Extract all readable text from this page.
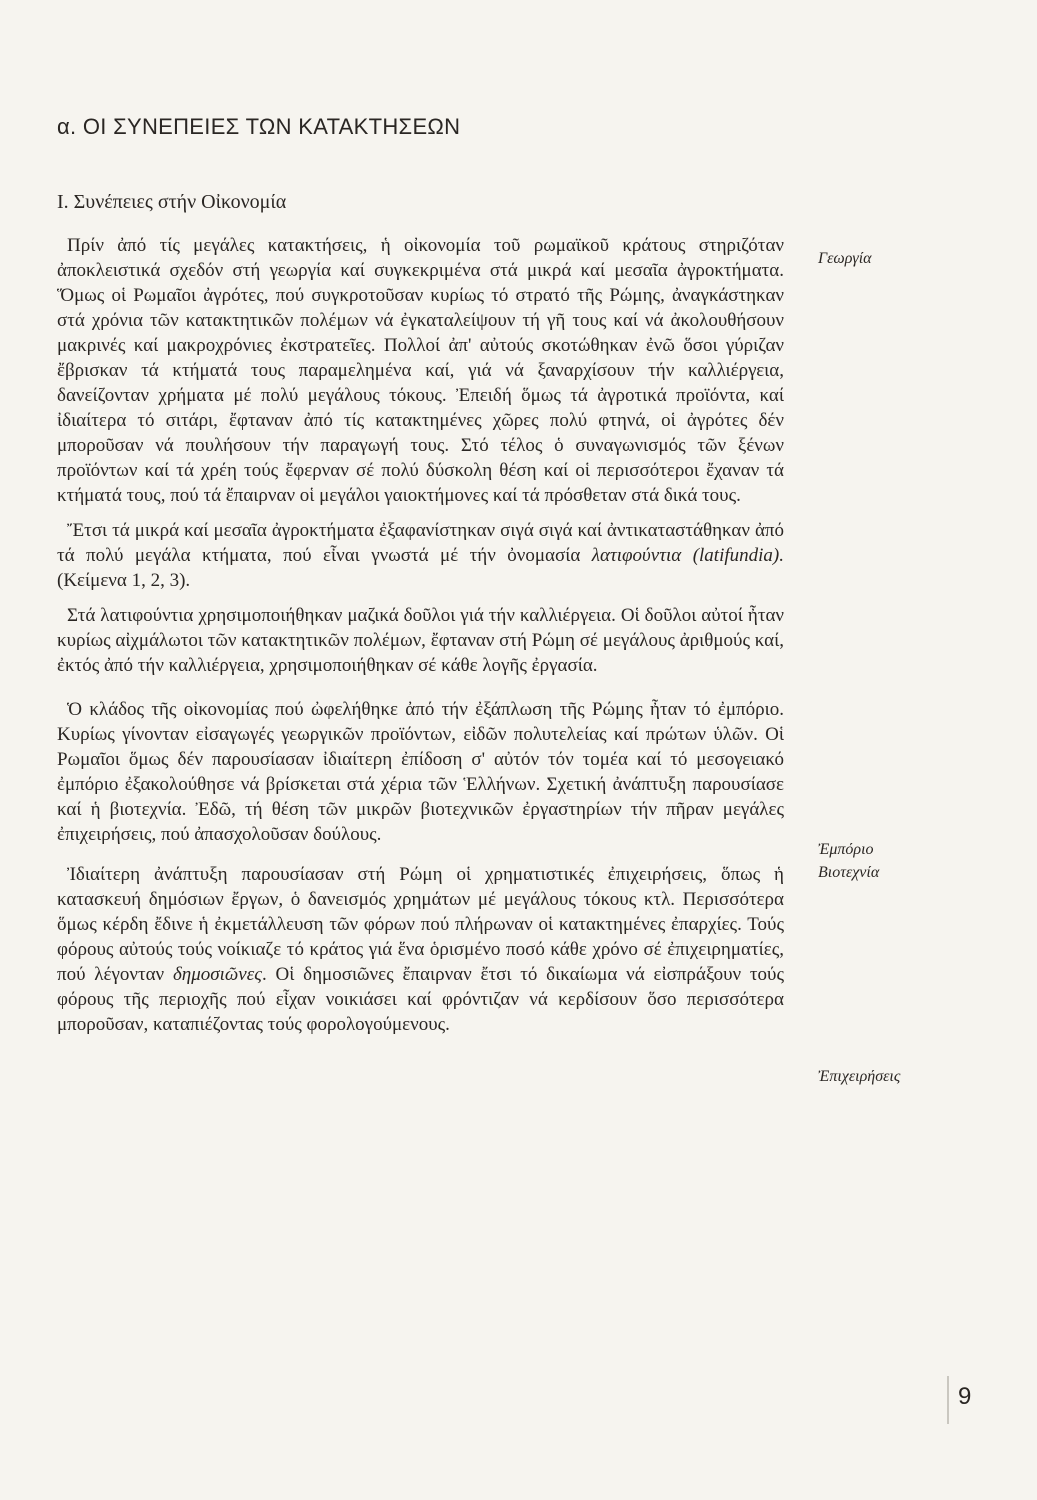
α. ΟΙ ΣΥΝΕΠΕΙΕΣ ΤΩΝ ΚΑΤΑΚΤΗΣΕΩΝ
Ι. Συνέπειες στήν Οἰκονομία

Πρίν ἀπό τίς μεγάλες κατακτήσεις, ἡ οἰκονομία τοῦ ρωμαϊκοῦ κράτους στηριζόταν ἀποκλειστικά σχεδόν στή γεωργία καί συγκεκριμένα στά μικρά καί μεσαῖα ἀγροκτήματα. Ὅμως οἱ Ρωμαῖοι ἀγρότες, πού συγκροτοῦσαν κυρίως τό στρατό τῆς Ρώμης, ἀναγκάστηκαν στά χρόνια τῶν κατακτητικῶν πολέμων νά ἐγκαταλείψουν τή γῆ τους καί νά ἀκολουθήσουν μακρινές καί μακροχρόνιες ἐκστρατεῖες. Πολλοί ἀπ' αὐτούς σκοτώθηκαν ἐνῶ ὅσοι γύριζαν ἔβρισκαν τά κτήματά τους παραμελημένα καί, γιά νά ξαναρχίσουν τήν καλλιέργεια, δανείζονταν χρήματα μέ πολύ μεγάλους τόκους. Ἐπειδή ὅμως τά ἀγροτικά προϊόντα, καί ἰδιαίτερα τό σιτάρι, ἔφταναν ἀπό τίς κατακτημένες χῶρες πολύ φτηνά, οἱ ἀγρότες δέν μποροῦσαν νά πουλήσουν τήν παραγωγή τους. Στό τέλος ὁ συναγωνισμός τῶν ξένων προϊόντων καί τά χρέη τούς ἔφερναν σέ πολύ δύσκολη θέση καί οἱ περισσότεροι ἔχαναν τά κτήματά τους, πού τά ἔπαιρναν οἱ μεγάλοι γαιοκτήμονες καί τά πρόσθεταν στά δικά τους.

Ἔτσι τά μικρά καί μεσαῖα ἀγροκτήματα ἐξαφανίστηκαν σιγά σιγά καί ἀντικαταστάθηκαν ἀπό τά πολύ μεγάλα κτήματα, πού εἶναι γνωστά μέ τήν ὀνομασία λατιφούντια (latifundia). (Κείμενα 1, 2, 3).

Στά λατιφούντια χρησιμοποιήθηκαν μαζικά δοῦλοι γιά τήν καλλιέργεια. Οἱ δοῦλοι αὐτοί ἦταν κυρίως αἰχμάλωτοι τῶν κατακτητικῶν πολέμων, ἔφταναν στή Ρώμη σέ μεγάλους ἀριθμούς καί, ἐκτός ἀπό τήν καλλιέργεια, χρησιμοποιήθηκαν σέ κάθε λογῆς ἐργασία.

Ὁ κλάδος τῆς οἰκονομίας πού ὠφελήθηκε ἀπό τήν ἐξάπλωση τῆς Ρώμης ἦταν τό ἐμπόριο. Κυρίως γίνονταν εἰσαγωγές γεωργικῶν προϊόντων, εἰδῶν πολυτελείας καί πρώτων ὑλῶν. Οἱ Ρωμαῖοι ὅμως δέν παρουσίασαν ἰδιαίτερη ἐπίδοση σ' αὐτόν τόν τομέα καί τό μεσογειακό ἐμπόριο ἐξακολούθησε νά βρίσκεται στά χέρια τῶν Ἑλλήνων. Σχετική ἀνάπτυξη παρουσίασε καί ἡ βιοτεχνία. Ἐδῶ, τή θέση τῶν μικρῶν βιοτεχνικῶν ἐργαστηρίων τήν πῆραν μεγάλες ἐπιχειρήσεις, πού ἀπασχολοῦσαν δούλους.

Ἰδιαίτερη ἀνάπτυξη παρουσίασαν στή Ρώμη οἱ χρηματιστικές ἐπιχειρήσεις, ὅπως ἡ κατασκευή δημόσιων ἔργων, ὁ δανεισμός χρημάτων μέ μεγάλους τόκους κτλ. Περισσότερα ὅμως κέρδη ἔδινε ἡ ἐκμετάλλευση τῶν φόρων πού πλήρωναν οἱ κατακτημένες ἐπαρχίες. Τούς φόρους αὐτούς τούς νοίκιαζε τό κράτος γιά ἕνα ὁρισμένο ποσό κάθε χρόνο σέ ἐπιχειρηματίες, πού λέγονταν δημοσιῶνες. Οἱ δημοσιῶνες ἔπαιρναν ἔτσι τό δικαίωμα νά εἰσπράξουν τούς φόρους τῆς περιοχῆς πού εἶχαν νοικιάσει καί φρόντιζαν νά κερδίσουν ὅσο περισσότερα μποροῦσαν, καταπιέζοντας τούς φορολογούμενους.

Γεωργία
Ἐμπόριο
Βιοτεχνία
Ἐπιχειρήσεις
9
